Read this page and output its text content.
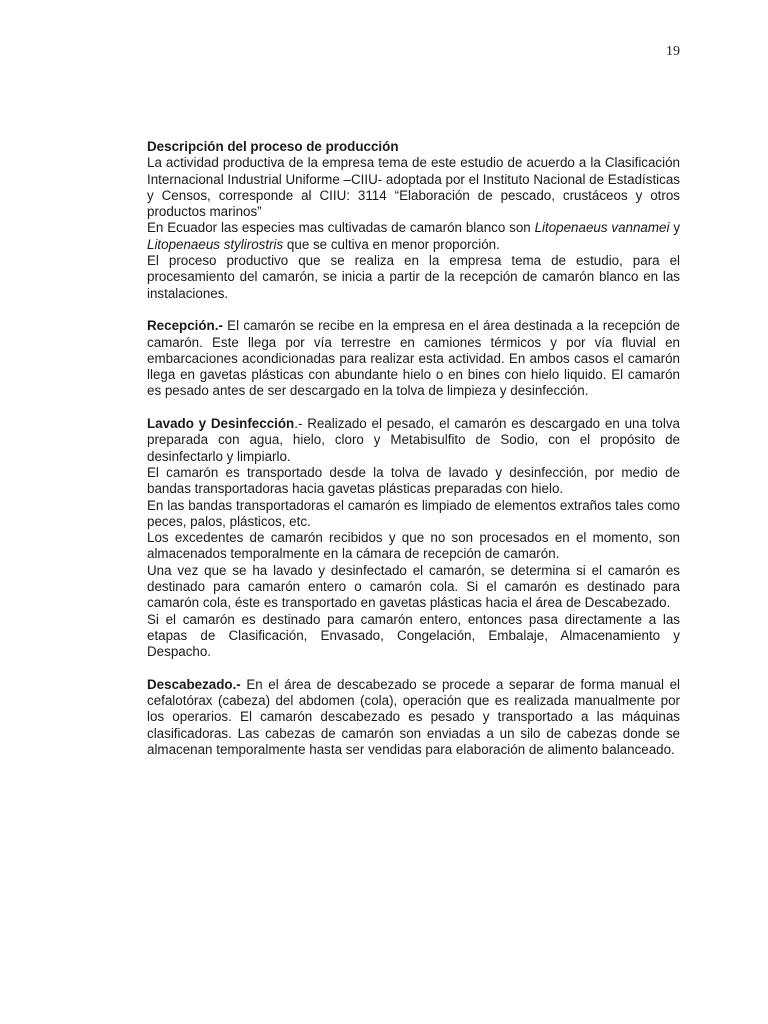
19

Descripción del proceso de producción

La actividad productiva de la empresa tema de este estudio de acuerdo a la Clasificación Internacional Industrial Uniforme –CIIU- adoptada por el Instituto Nacional de Estadísticas y Censos, corresponde al CIIU: 3114 “Elaboración de pescado, crustáceos y otros productos marinos”

En Ecuador las especies mas cultivadas de camarón blanco son Litopenaeus vannamei y Litopenaeus stylirostris que se cultiva en menor proporción.

El proceso productivo que se realiza en la empresa tema de estudio, para el procesamiento del camarón, se inicia a partir de la recepción de camarón blanco en las instalaciones.

Recepción.- El camarón se recibe en la empresa en el área destinada a la recepción de camarón. Este llega por vía terrestre en camiones térmicos y por vía fluvial en embarcaciones acondicionadas para realizar esta actividad. En ambos casos el camarón llega en gavetas plásticas con abundante hielo o en bines con hielo liquido. El camarón es pesado antes de ser descargado en la tolva de limpieza y desinfección.

Lavado y Desinfección.- Realizado el pesado, el camarón es descargado en una tolva preparada con agua, hielo, cloro y Metabisulfito de Sodio, con el propósito de desinfectarlo y limpiarlo.

El camarón es transportado desde la tolva de lavado y desinfección, por medio de bandas transportadoras hacia gavetas plásticas preparadas con hielo.

En las bandas transportadoras el camarón es limpiado de elementos extraños tales como peces, palos, plásticos, etc.

Los excedentes de camarón recibidos y que no son procesados en el momento, son almacenados temporalmente en la cámara de recepción de camarón.

Una vez que se ha lavado y desinfectado el camarón, se determina si el camarón es destinado para camarón entero o camarón cola. Si el camarón es destinado para camarón cola, éste es transportado en gavetas plásticas hacia el área de Descabezado.

Si el camarón es destinado para camarón entero, entonces pasa directamente a las etapas de Clasificación, Envasado, Congelación, Embalaje, Almacenamiento y Despacho.

Descabezado.- En el área de descabezado se procede a separar de forma manual el cefalotórax (cabeza) del abdomen (cola), operación que es realizada manualmente por los operarios. El camarón descabezado es pesado y transportado a las máquinas clasificadoras. Las cabezas de camarón son enviadas a un silo de cabezas donde se almacenan temporalmente hasta ser vendidas para elaboración de alimento balanceado.
